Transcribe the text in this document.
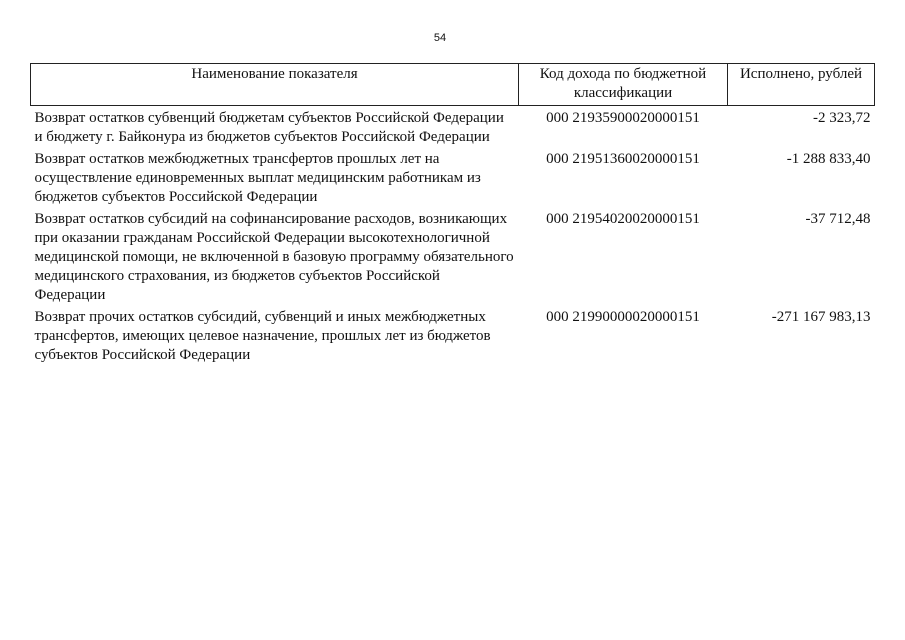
54
Наименование показателя	Код дохода по бюджетной классификации	Исполнено, рублей
Возврат остатков субвенций бюджетам субъектов Российской Федерации и бюджету г. Байконура из бюджетов субъектов Российской Федерации	000 21935900020000151	-2 323,72
Возврат остатков межбюджетных трансфертов прошлых лет на осуществление единовременных выплат медицинским работникам из бюджетов субъектов Российской Федерации	000 21951360020000151	-1 288 833,40
Возврат остатков субсидий на софинансирование расходов, возникающих при оказании гражданам Российской Федерации высокотехнологичной медицинской помощи, не включенной в базовую программу обязательного медицинского страхования, из бюджетов субъектов Российской Федерации	000 21954020020000151	-37 712,48
Возврат прочих остатков субсидий, субвенций и иных межбюджетных трансфертов, имеющих целевое назначение, прошлых лет из бюджетов субъектов Российской Федерации	000 21990000020000151	-271 167 983,13
